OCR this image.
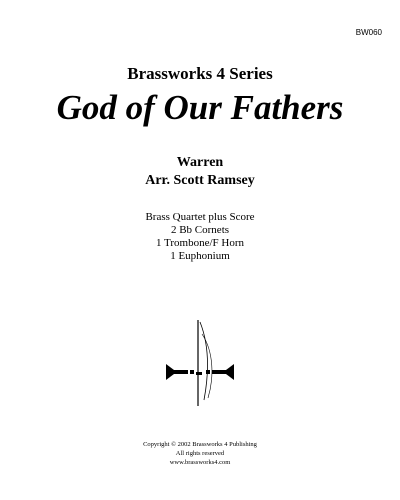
BW060
Brassworks 4 Series
God of Our Fathers
Warren
Arr. Scott Ramsey
Brass Quartet plus Score
2 Bb Cornets
1 Trombone/F Horn
1 Euphonium
Copyright © 2002 Brassworks 4 Publishing
All rights reserved
www.brassworks4.com
